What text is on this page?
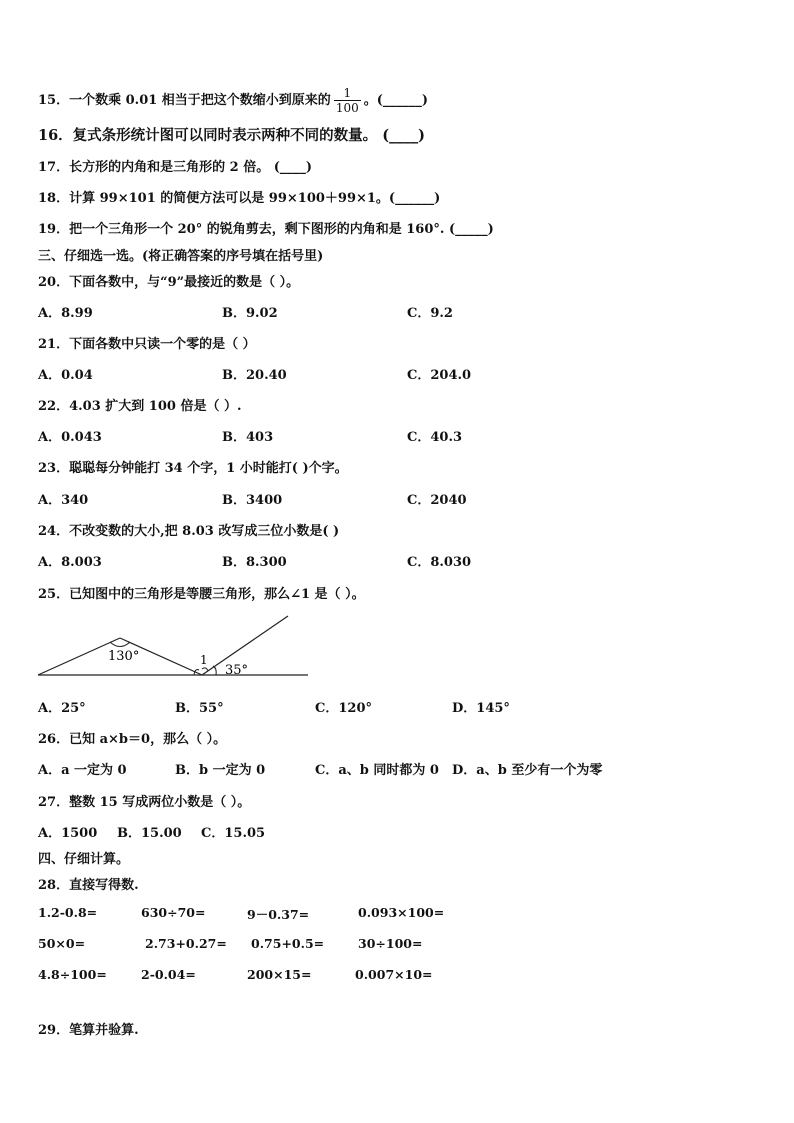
15．一个数乘 0.01 相当于把这个数缩小到原来的 $\frac{1}{100}$ 。(______)
16．复式条形统计图可以同时表示两种不同的数量。 (____)
17．长方形的内角和是三角形的 2 倍。 (____)
18．计算 99×101 的简便方法可以是 99×100＋99×1。(______)
19．把一个三角形一个 20° 的锐角剪去，剩下图形的内角和是 160°. (_____)
三、仔细选一选。(将正确答案的序号填在括号里)
20．下面各数中，与“9”最接近的数是（ ）。
A．8.99	B．9.02	C．9.2
21．下面各数中只读一个零的是（ ）
A．0.04	B．20.40	C．204.0
22．4.03 扩大到 100 倍是（ ）.
A．0.043	B．403	C．40.3
23．聪聪每分钟能打 34 个字，1 小时能打( )个字。
A．340	B．3400	C．2040
24．不改变数的大小,把 8.03 改写成三位小数是( )
A．8.003	B．8.300	C．8.030
25．已知图中的三角形是等腰三角形，那么∠1 是（ ）。
130°	1
35°
A．25°	B．55°	C．120°	D．145°
26．已知 a×b＝0，那么（ ）。
A．a 一定为 0	B．b 一定为 0	C．a、b 同时都为 0 D．a、b 至少有一个为零
27．整数 15 写成两位小数是（ ）。
A．1500 B．15.00 C．15.05
四、仔细计算。
28．直接写得数.
1.2-0.8=	630÷70=	9－0.37=	0.093×100=
50×0=	2.73+0.27= 0.75+0.5=	30÷100=
4.8÷100=	2-0.04=	200×15=	0.007×10=
29．笔算并验算.
